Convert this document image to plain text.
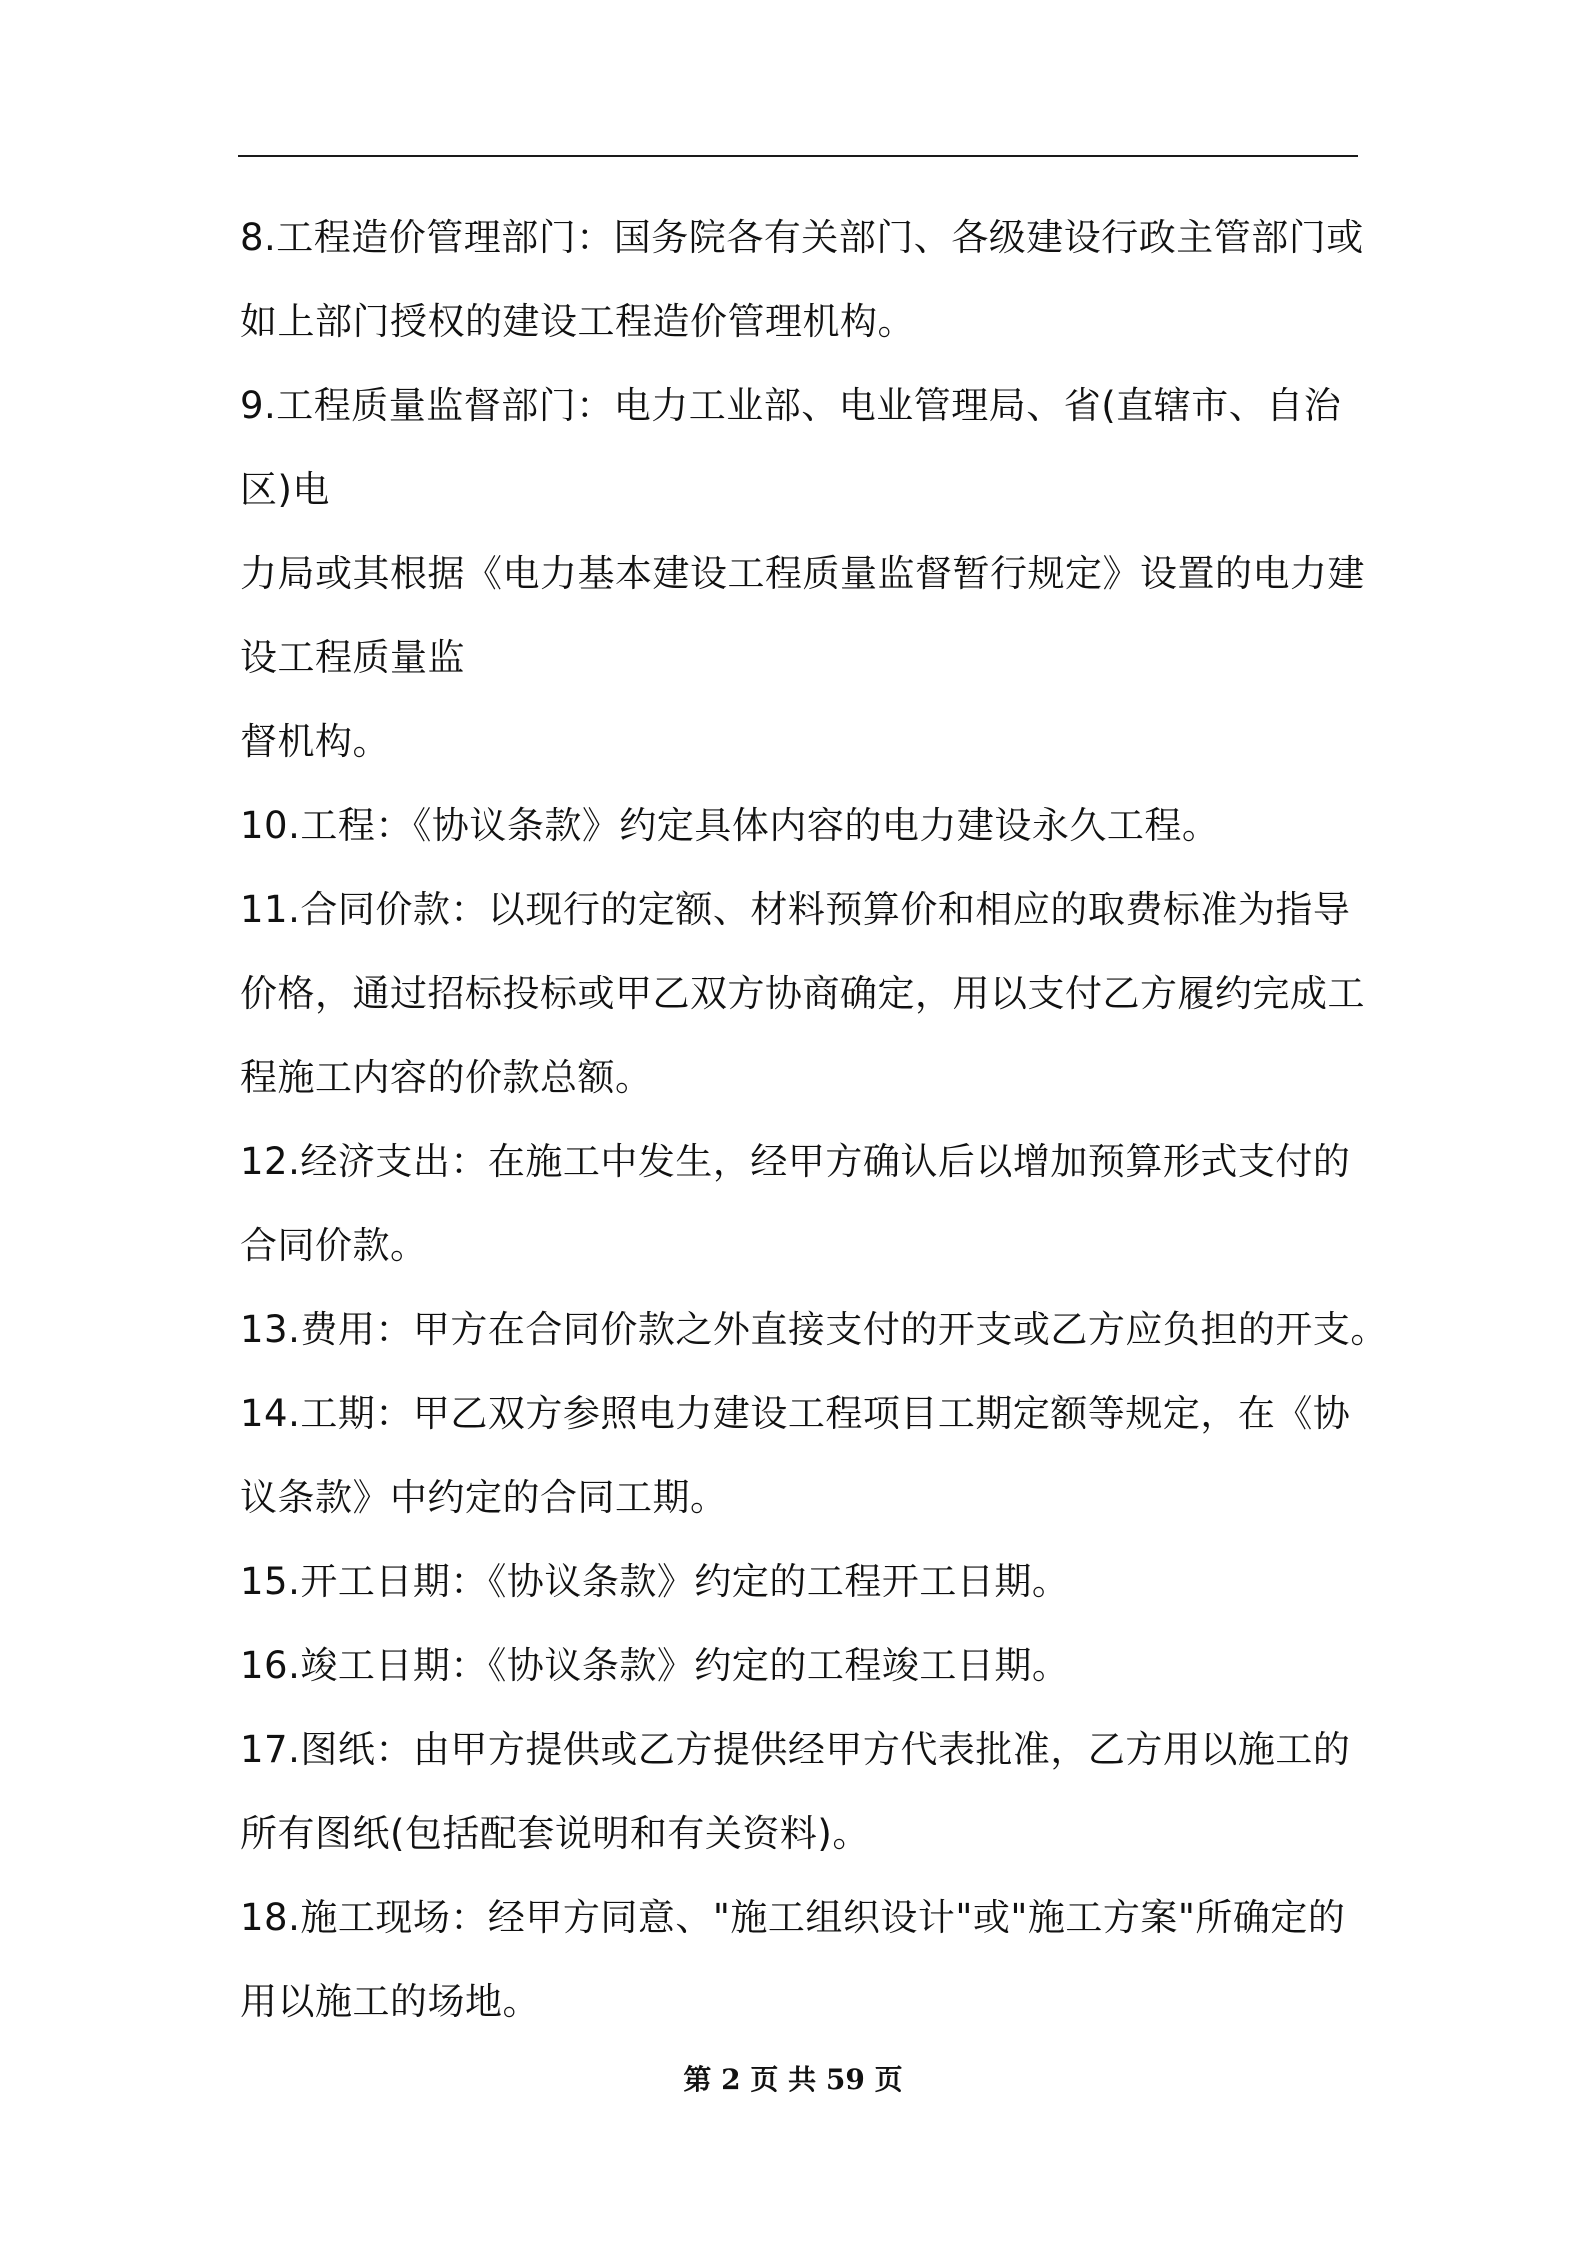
8.工程造价管理部门：国务院各有关部门、各级建设行政主管部门或
如上部门授权的建设工程造价管理机构。
9.工程质量监督部门：电力工业部、电业管理局、省(直辖市、自治
区)电
力局或其根据《电力基本建设工程质量监督暂行规定》设置的电力建
设工程质量监
督机构。
10.工程：《协议条款》约定具体内容的电力建设永久工程。
11.合同价款：以现行的定额、材料预算价和相应的取费标准为指导
价格，通过招标投标或甲乙双方协商确定，用以支付乙方履约完成工
程施工内容的价款总额。
12.经济支出：在施工中发生，经甲方确认后以增加预算形式支付的
合同价款。
13.费用：甲方在合同价款之外直接支付的开支或乙方应负担的开支。
14.工期：甲乙双方参照电力建设工程项目工期定额等规定，在《协
议条款》中约定的合同工期。
15.开工日期：《协议条款》约定的工程开工日期。
16.竣工日期：《协议条款》约定的工程竣工日期。
17.图纸：由甲方提供或乙方提供经甲方代表批准，乙方用以施工的
所有图纸(包括配套说明和有关资料)。
18.施工现场：经甲方同意、"施工组织设计"或"施工方案"所确定的
用以施工的场地。
第 2 页 共 59 页
